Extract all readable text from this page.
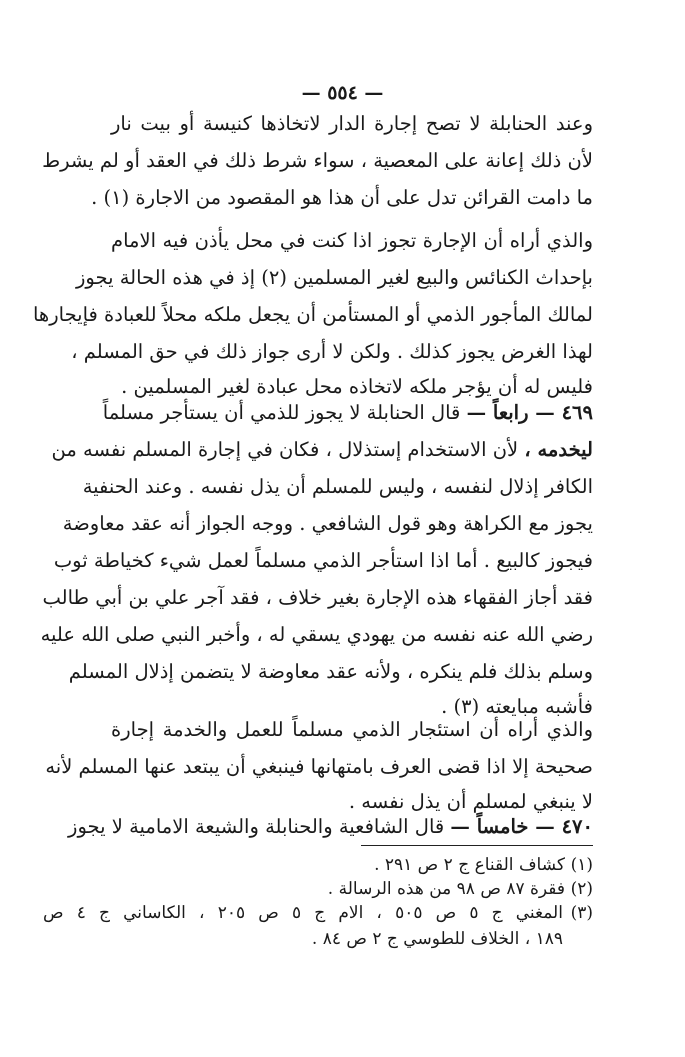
— ٥٥٤ —
وعند الحنابلة لا تصح إجارة الدار لاتخاذها كنيسة أو بيت نار
لأن ذلك إعانة على المعصية ، سواء شرط ذلك في العقد أو لم يشرط
ما دامت القرائن تدل على أن هذا هو المقصود من الاجارة (١) .
والذي أراه أن الإجارة تجوز اذا كنت في محل يأذن فيه الامام
بإحداث الكنائس والبيع لغير المسلمين (٢) إذ في هذه الحالة يجوز
لمالك المأجور الذمي أو المستأمن أن يجعل ملكه محلاً للعبادة فإيجارها
لهذا الغرض يجوز كذلك . ولكن لا أرى جواز ذلك في حق المسلم ،
فليس له أن يؤجر ملكه لاتخاذه محل عبادة لغير المسلمين .
٤٦٩ — رابعاً — قال الحنابلة لا يجوز للذمي أن يستأجر مسلماً
ليخدمه ، لأن الاستخدام إستذلال ، فكان في إجارة المسلم نفسه من
الكافر إذلال لنفسه ، وليس للمسلم أن يذل نفسه . وعند الحنفية
يجوز مع الكراهة وهو قول الشافعي . ووجه الجواز أنه عقد معاوضة
فيجوز كالبيع . أما اذا استأجر الذمي مسلماً لعمل شيء كخياطة ثوب
فقد أجاز الفقهاء هذه الإجارة بغير خلاف ، فقد آجر علي بن أبي طالب
رضي الله عنه نفسه من يهودي يسقي له ، وأخبر النبي صلى الله عليه
وسلم بذلك فلم ينكره ، ولأنه عقد معاوضة لا يتضمن إذلال المسلم
فأشبه مبايعته (٣) .
والذي أراه أن استئجار الذمي مسلماً للعمل والخدمة إجارة
صحيحة إلا اذا قضى العرف بامتهانها فينبغي أن يبتعد عنها المسلم لأنه
لا ينبغي لمسلم أن يذل نفسه .
٤٧٠ — خامساً — قال الشافعية والحنابلة والشيعة الامامية لا يجوز
(١)
كشاف القناع ج ٢ ص ٢٩١ .
(٢)
فقرة ٨٧ ص ٩٨ من هذه الرسالة .
(٣)
المغني ج ٥ ص ٥٠٥ ، الام ج ٥ ص ٢٠٥ ، الكاساني ج ٤ ص
١٨٩ ، الخلاف للطوسي ج ٢ ص ٨٤ .
